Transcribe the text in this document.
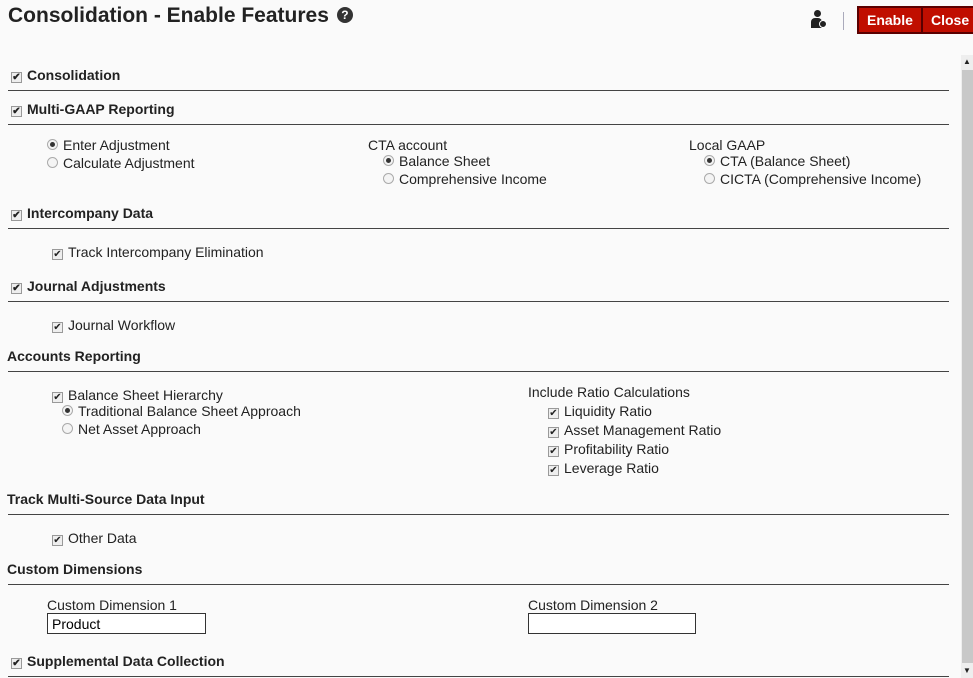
Consolidation - Enable Features ?	Enable	Close
✔ Consolidation
✔ Multi-GAAP Reporting
Enter Adjustment
Calculate Adjustment
CTA account
Balance Sheet
Comprehensive Income
Local GAAP
CTA (Balance Sheet)
CICTA (Comprehensive Income)
✔ Intercompany Data
✔ Track Intercompany Elimination
✔ Journal Adjustments
✔ Journal Workflow
Accounts Reporting
✔ Balance Sheet Hierarchy
Traditional Balance Sheet Approach
Net Asset Approach
Include Ratio Calculations
✔ Liquidity Ratio
✔ Asset Management Ratio
✔ Profitability Ratio
✔ Leverage Ratio
Track Multi-Source Data Input
✔ Other Data
Custom Dimensions
Custom Dimension 1
Product	Custom Dimension 2
✔ Supplemental Data Collection
▲
▼
